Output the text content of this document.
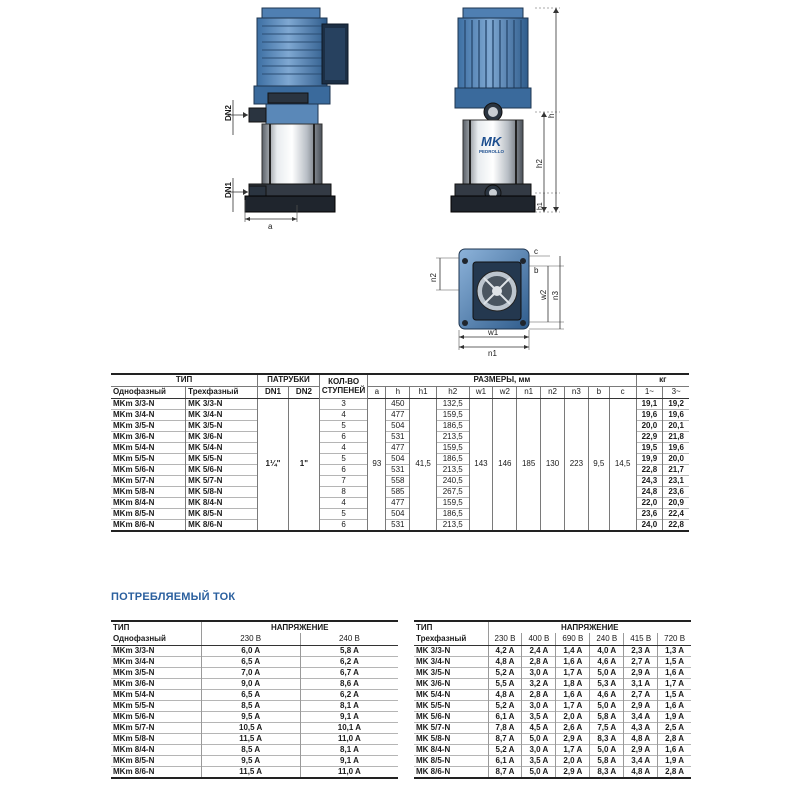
DN2
DN1
a
MK
PEDROLLO
h
h2
h1
n2
c
b
w2 n3
w1
n1
ТИП		ПАТРУБКИ		КОЛ-ВО СТУПЕНЕЙ	РАЗМЕРЫ, мм											кг	
Однофазный	Трехфазный	DN1	DN2		a	h	h1	h2	w1	w2	n1	n2	n3	b	c	1~	3~
MKm 3/3-N	MK 3/3-N	1¼"	1"	3	93	450	41,5	132,5	143	146	185	130	223	9,5	14,5	19,1	19,2
MKm 3/4-N	MK 3/4-N			4		477		159,5								19,6	19,6
MKm 3/5-N	MK 3/5-N			5		504		186,5								20,0	20,1
MKm 3/6-N	MK 3/6-N			6		531		213,5								22,9	21,8
MKm 5/4-N	MK 5/4-N			4		477		159,5								19,5	19,6
MKm 5/5-N	MK 5/5-N			5		504		186,5								19,9	20,0
MKm 5/6-N	MK 5/6-N			6		531		213,5								22,8	21,7
MKm 5/7-N	MK 5/7-N			7		558		240,5								24,3	23,1
MKm 5/8-N	MK 5/8-N			8		585		267,5								24,8	23,6
MKm 8/4-N	MK 8/4-N			4		477		159,5								22,0	20,9
MKm 8/5-N	MK 8/5-N			5		504		186,5								23,6	22,4
MKm 8/6-N	MK 8/6-N			6		531		213,5								24,0	22,8
ПОТРЕБЛЯЕМЫЙ ТОК
ТИП	НАПРЯЖЕНИЕ	
Однофазный	230 В	240 В
MKm 3/3-N	6,0 A	5,8 A
MKm 3/4-N	6,5 A	6,2 A
MKm 3/5-N	7,0 A	6,7 A
MKm 3/6-N	9,0 A	8,6 A
MKm 5/4-N	6,5 A	6,2 A
MKm 5/5-N	8,5 A	8,1 A
MKm 5/6-N	9,5 A	9,1 A
MKm 5/7-N	10,5 A	10,1 A
MKm 5/8-N	11,5 A	11,0 A
MKm 8/4-N	8,5 A	8,1 A
MKm 8/5-N	9,5 A	9,1 A
MKm 8/6-N	11,5 A	11,0 A
ТИП	НАПРЯЖЕНИЕ					
Трехфазный	230 В	400 В	690 В	240 В	415 В	720 В
MK 3/3-N	4,2 A	2,4 A	1,4 A	4,0 A	2,3 A	1,3 A
MK 3/4-N	4,8 A	2,8 A	1,6 A	4,6 A	2,7 A	1,5 A
MK 3/5-N	5,2 A	3,0 A	1,7 A	5,0 A	2,9 A	1,6 A
MK 3/6-N	5,5 A	3,2 A	1,8 A	5,3 A	3,1 A	1,7 A
MK 5/4-N	4,8 A	2,8 A	1,6 A	4,6 A	2,7 A	1,5 A
MK 5/5-N	5,2 A	3,0 A	1,7 A	5,0 A	2,9 A	1,6 A
MK 5/6-N	6,1 A	3,5 A	2,0 A	5,8 A	3,4 A	1,9 A
MK 5/7-N	7,8 A	4,5 A	2,6 A	7,5 A	4,3 A	2,5 A
MK 5/8-N	8,7 A	5,0 A	2,9 A	8,3 A	4,8 A	2,8 A
MK 8/4-N	5,2 A	3,0 A	1,7 A	5,0 A	2,9 A	1,6 A
MK 8/5-N	6,1 A	3,5 A	2,0 A	5,8 A	3,4 A	1,9 A
MK 8/6-N	8,7 A	5,0 A	2,9 A	8,3 A	4,8 A	2,8 A
